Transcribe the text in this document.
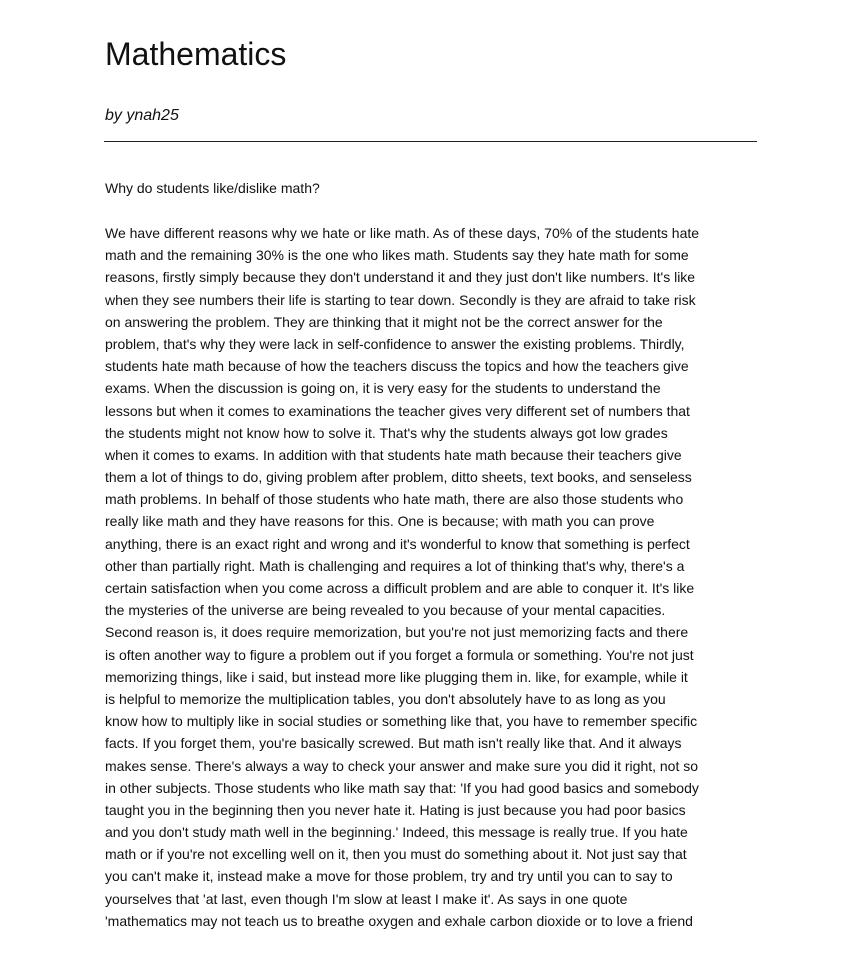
Mathematics

by ynah25

Why do students like/dislike math?

We have different reasons why we hate or like math. As of these days, 70% of the students hate
math and the remaining 30% is the one who likes math. Students say they hate math for some
reasons, firstly simply because they don't understand it and they just don't like numbers. It's like
when they see numbers their life is starting to tear down. Secondly is they are afraid to take risk
on answering the problem. They are thinking that it might not be the correct answer for the
problem, that's why they were lack in self-confidence to answer the existing problems. Thirdly,
students hate math because of how the teachers discuss the topics and how the teachers give
exams. When the discussion is going on, it is very easy for the students to understand the
lessons but when it comes to examinations the teacher gives very different set of numbers that
the students might not know how to solve it. That's why the students always got low grades
when it comes to exams. In addition with that students hate math because their teachers give
them a lot of things to do, giving problem after problem, ditto sheets, text books, and senseless
math problems. In behalf of those students who hate math, there are also those students who
really like math and they have reasons for this. One is because; with math you can prove
anything, there is an exact right and wrong and it's wonderful to know that something is perfect
other than partially right. Math is challenging and requires a lot of thinking that's why, there's a
certain satisfaction when you come across a difficult problem and are able to conquer it. It's like
the mysteries of the universe are being revealed to you because of your mental capacities.
Second reason is, it does require memorization, but you're not just memorizing facts and there
is often another way to figure a problem out if you forget a formula or something. You're not just
memorizing things, like i said, but instead more like plugging them in. like, for example, while it
is helpful to memorize the multiplication tables, you don't absolutely have to as long as you
know how to multiply like in social studies or something like that, you have to remember specific
facts. If you forget them, you're basically screwed. But math isn't really like that. And it always
makes sense. There's always a way to check your answer and make sure you did it right, not so
in other subjects. Those students who like math say that: 'If you had good basics and somebody
taught you in the beginning then you never hate it. Hating is just because you had poor basics
and you don't study math well in the beginning.' Indeed, this message is really true. If you hate
math or if you're not excelling well on it, then you must do something about it. Not just say that
you can't make it, instead make a move for those problem, try and try until you can to say to
yourselves that 'at last, even though I'm slow at least I make it'. As says in one quote
'mathematics may not teach us to breathe oxygen and exhale carbon dioxide or to love a friend
